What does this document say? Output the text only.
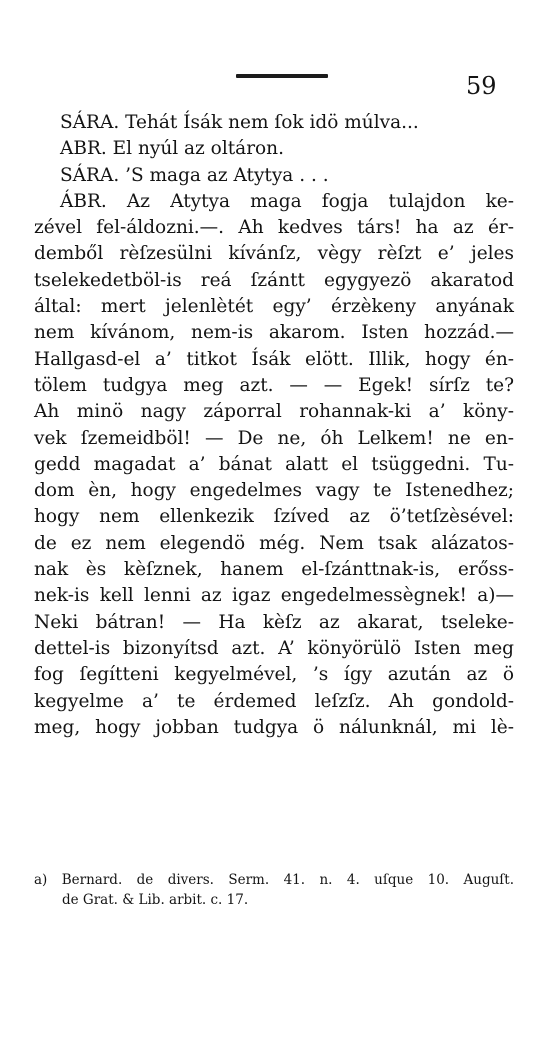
59
SÁRA. Tehát Ísák nem ſok idö múlva...
ABR. El nyúl az oltáron.
SÁRA. ’S maga az Atytya . . .
ÁBR. Az Atytya maga fogja tulajdon ke-
zével fel-áldozni.—. Ah kedves társ! ha az ér-
demből rèſzesülni kívánſz, vègy rèſzt e’ jeles
tselekedetböl-is reá ſzántt egygyezö akaratod
által: mert jelenlètét egy’ érzèkeny anyának
nem kívánom, nem-is akarom. Isten hozzád.—
Hallgasd-el a’ titkot Ísák elött. Illik, hogy én-
tölem tudgya meg azt. — — Egek! sírſz te?
Ah minö nagy záporral rohannak-ki a’ köny-
vek ſzemeidböl! — De ne, óh Lelkem! ne en-
gedd magadat a’ bánat alatt el tsüggedni. Tu-
dom èn, hogy engedelmes vagy te Istenedhez;
hogy nem ellenkezik ſzíved az ö’tetſzèsével:
de ez nem elegendö még. Nem tsak alázatos-
nak ès kèſznek, hanem el-ſzánttnak-is, erőss-
nek-is kell lenni az igaz engedelmessègnek! a)—
Neki bátran! — Ha kèſz az akarat, tseleke-
dettel-is bizonyítsd azt. A’ könyörülö Isten meg
fog ſegítteni kegyelmével, ’s így azután az ö
kegyelme a’ te érdemed leſzſz. Ah gondold-
meg, hogy jobban tudgya ö nálunknál, mi lè-
a) Bernard. de divers. Serm. 41. n. 4. uſque 10. Auguſt.
de Grat. & Lib. arbit. c. 17.
